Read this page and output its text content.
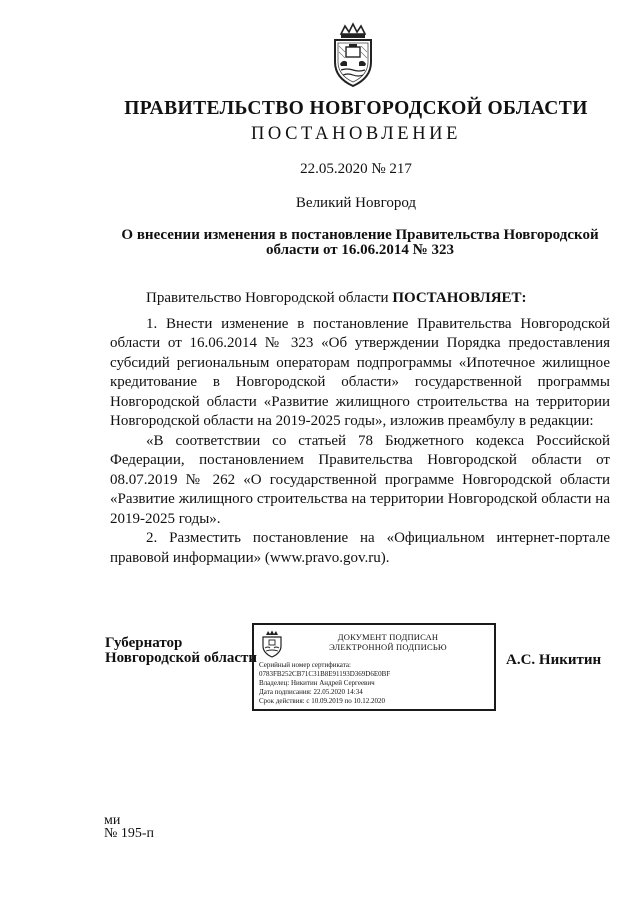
ПРАВИТЕЛЬСТВО НОВГОРОДСКОЙ ОБЛАСТИ
ПОСТАНОВЛЕНИЕ
22.05.2020 № 217
Великий Новгород
О внесении изменения в постановление Правительства Новгородской
области от 16.06.2014 № 323

Правительство Новгородской области ПОСТАНОВЛЯЕТ:

1. Внести изменение в постановление Правительства Новгородской области от 16.06.2014 № 323 «Об утверждении Порядка предоставления субсидий региональным операторам подпрограммы «Ипотечное жилищное кредитование в Новгородской области» государственной программы Новгородской области «Развитие жилищного строительства на территории Новгородской области на 2019-2025 годы», изложив преамбулу в редакции:

«В соответствии со статьей 78 Бюджетного кодекса Российской Федерации, постановлением Правительства Новгородской области от 08.07.2019 № 262 «О государственной программе Новгородской области «Развитие жилищного строительства на территории Новгородской области на 2019-2025 годы».

2. Разместить постановление на «Официальном интернет-портале правовой информации» (www.pravo.gov.ru).

Губернатор
Новгородской области
ДОКУМЕНТ ПОДПИСАН
ЭЛЕКТРОННОЙ ПОДПИСЬЮ
Серийный номер сертификата:
0783FB252CB71C31B8E91193D369D6E0BF
Владелец: Никитин Андрей Сергеевич
Дата подписания: 22.05.2020 14:34
Срок действия: с 10.09.2019 по 10.12.2020
А.С. Никитин
ми
№ 195-п
